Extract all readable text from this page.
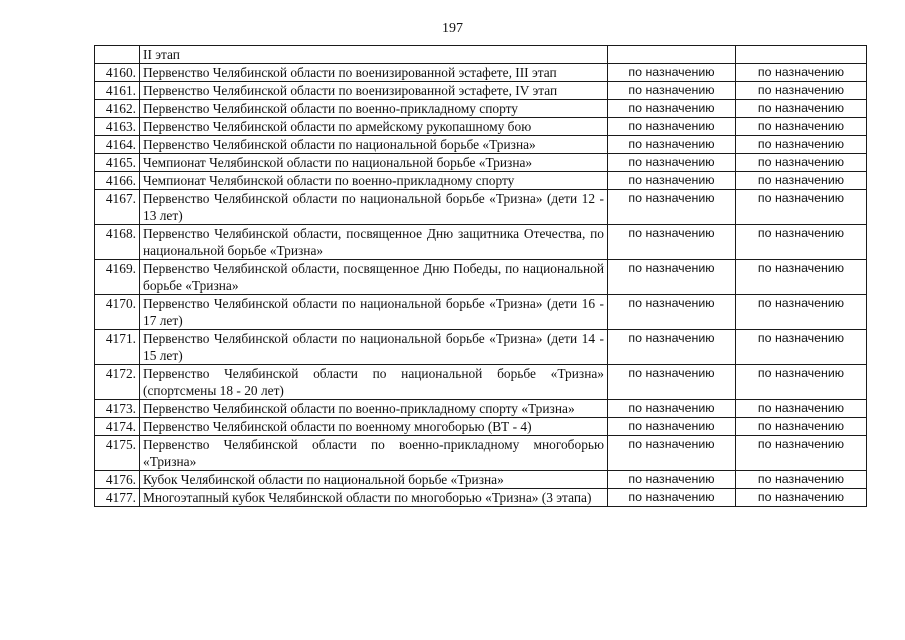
197
	II этап		
4160.	Первенство Челябинской области по военизированной эстафете, III этап	по назначению	по назначению
4161.	Первенство Челябинской области по военизированной эстафете, IV этап	по назначению	по назначению
4162.	Первенство Челябинской области по военно-прикладному спорту	по назначению	по назначению
4163.	Первенство Челябинской области по армейскому рукопашному бою	по назначению	по назначению
4164.	Первенство Челябинской области по национальной борьбе «Тризна»	по назначению	по назначению
4165.	Чемпионат Челябинской области по национальной борьбе «Тризна»	по назначению	по назначению
4166.	Чемпионат Челябинской области по военно-прикладному спорту	по назначению	по назначению
4167.	Первенство Челябинской области по национальной борьбе «Тризна» (дети 12 - 13 лет)	по назначению	по назначению
4168.	Первенство Челябинской области, посвященное Дню защитника Отечества, по национальной борьбе «Тризна»	по назначению	по назначению
4169.	Первенство Челябинской области, посвященное Дню Победы, по национальной борьбе «Тризна»	по назначению	по назначению
4170.	Первенство Челябинской области по национальной борьбе «Тризна» (дети 16 - 17 лет)	по назначению	по назначению
4171.	Первенство Челябинской области по национальной борьбе «Тризна» (дети 14 - 15 лет)	по назначению	по назначению
4172.	Первенство Челябинской области по национальной борьбе «Тризна» (спортсмены 18 - 20 лет)	по назначению	по назначению
4173.	Первенство Челябинской области по военно-прикладному спорту «Тризна»	по назначению	по назначению
4174.	Первенство Челябинской области по военному многоборью (ВТ - 4)	по назначению	по назначению
4175.	Первенство Челябинской области по военно-прикладному многоборью «Тризна»	по назначению	по назначению
4176.	Кубок Челябинской области по национальной борьбе «Тризна»	по назначению	по назначению
4177.	Многоэтапный кубок Челябинской области по многоборью «Тризна» (3 этапа)	по назначению	по назначению
